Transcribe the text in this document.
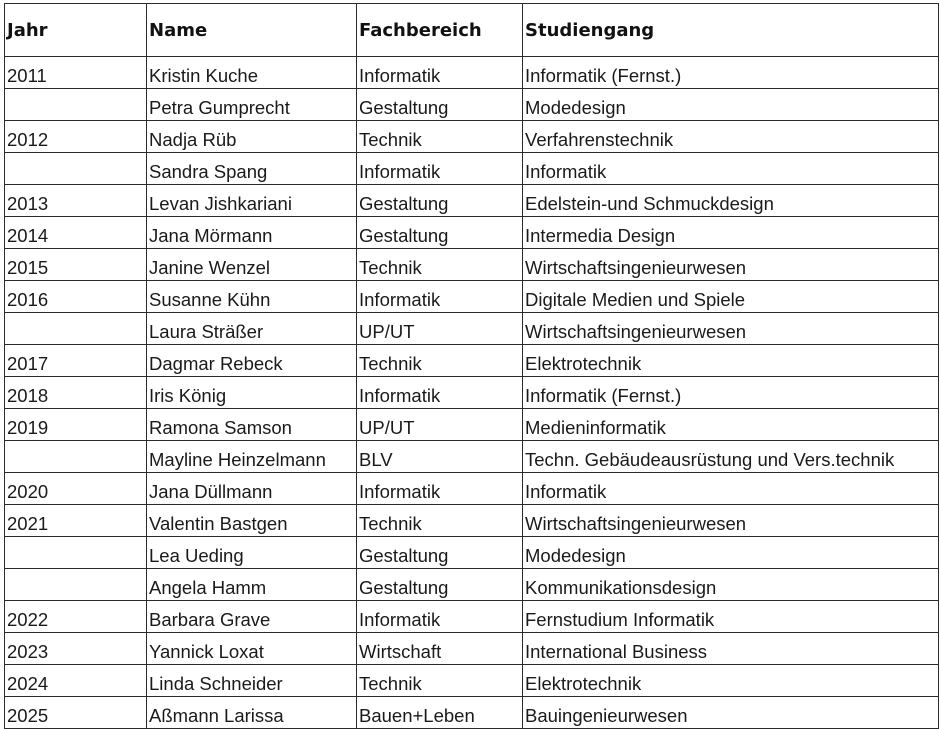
Jahr	Name	Fachbereich	Studiengang
2011	Kristin Kuche	Informatik	Informatik (Fernst.)
	Petra Gumprecht	Gestaltung	Modedesign
2012	Nadja Rüb	Technik	Verfahrenstechnik
	Sandra Spang	Informatik	Informatik
2013	Levan Jishkariani	Gestaltung	Edelstein-und Schmuckdesign
2014	Jana Mörmann	Gestaltung	Intermedia Design
2015	Janine Wenzel	Technik	Wirtschaftsingenieurwesen
2016	Susanne Kühn	Informatik	Digitale Medien und Spiele
	Laura Sträßer	UP/UT	Wirtschaftsingenieurwesen
2017	Dagmar Rebeck	Technik	Elektrotechnik
2018	Iris König	Informatik	Informatik (Fernst.)
2019	Ramona Samson	UP/UT	Medieninformatik
	Mayline Heinzelmann	BLV	Techn. Gebäudeausrüstung und Vers.technik
2020	Jana Düllmann	Informatik	Informatik
2021	Valentin Bastgen	Technik	Wirtschaftsingenieurwesen
	Lea Ueding	Gestaltung	Modedesign
	Angela Hamm	Gestaltung	Kommunikationsdesign
2022	Barbara Grave	Informatik	Fernstudium Informatik
2023	Yannick Loxat	Wirtschaft	International Business
2024	Linda Schneider	Technik	Elektrotechnik
2025	Aßmann Larissa	Bauen+Leben	Bauingenieurwesen
